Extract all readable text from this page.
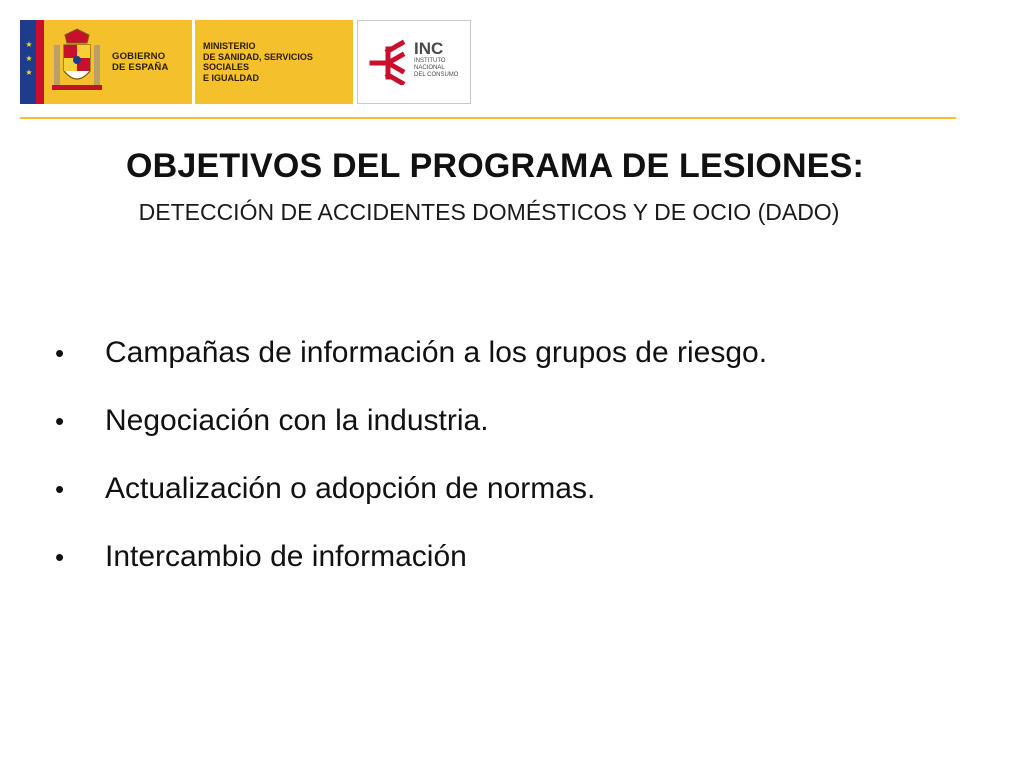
★
★
★
GOBIERNO
DE ESPAÑA
MINISTERIO
DE SANIDAD, SERVICIOS SOCIALES
E IGUALDAD
INC
INSTITUTO
NACIONAL
DEL CONSUMO
OBJETIVOS DEL PROGRAMA DE LESIONES:
DETECCIÓN DE ACCIDENTES DOMÉSTICOS Y DE OCIO (DADO)
•	Campañas de información a los grupos de riesgo.
•	Negociación con la industria.
•	Actualización o adopción de normas.
•	Intercambio de información
